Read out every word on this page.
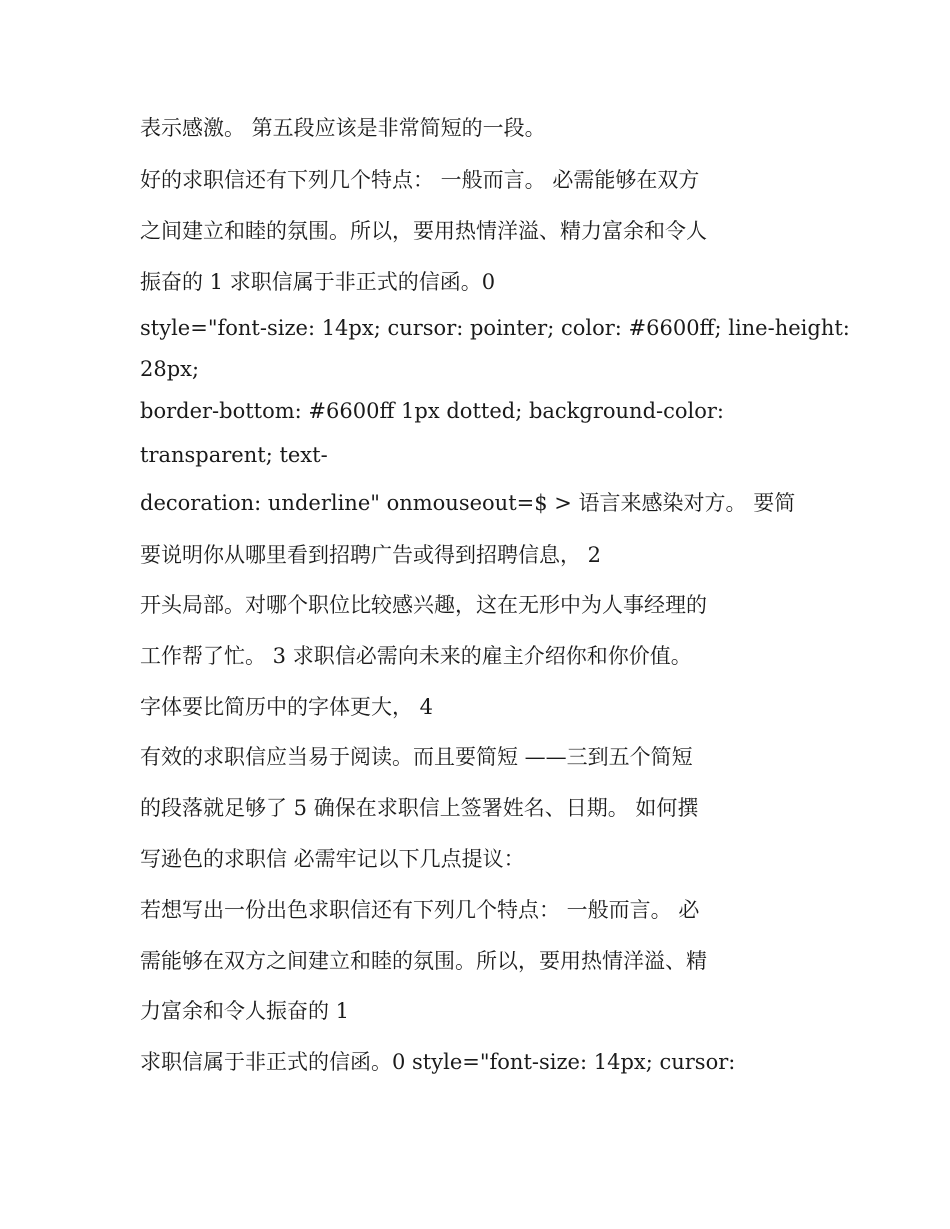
表示感激。 第五段应该是非常简短的一段。
好的求职信还有下列几个特点： 一般而言。 必需能够在双方
之间建立和睦的氛围。所以，要用热情洋溢、精力富余和令人
振奋的 1 求职信属于非正式的信函。0
style="font-size: 14px; cursor: pointer; color: #6600ff; line-height:
28px;
border-bottom: #6600ff 1px dotted; background-color:
transparent; text-
decoration: underline" onmouseout=$ > 语言来感染对方。 要简
要说明你从哪里看到招聘广告或得到招聘信息， 2
开头局部。对哪个职位比较感兴趣，这在无形中为人事经理的
工作帮了忙。 3 求职信必需向未来的雇主介绍你和你价值。
字体要比简历中的字体更大， 4
有效的求职信应当易于阅读。而且要简短 ——三到五个简短
的段落就足够了 5 确保在求职信上签署姓名、日期。 如何撰
写逊色的求职信 必需牢记以下几点提议：
若想写出一份出色求职信还有下列几个特点： 一般而言。 必
需能够在双方之间建立和睦的氛围。所以，要用热情洋溢、精
力富余和令人振奋的 1
求职信属于非正式的信函。0 style="font-size: 14px; cursor:
